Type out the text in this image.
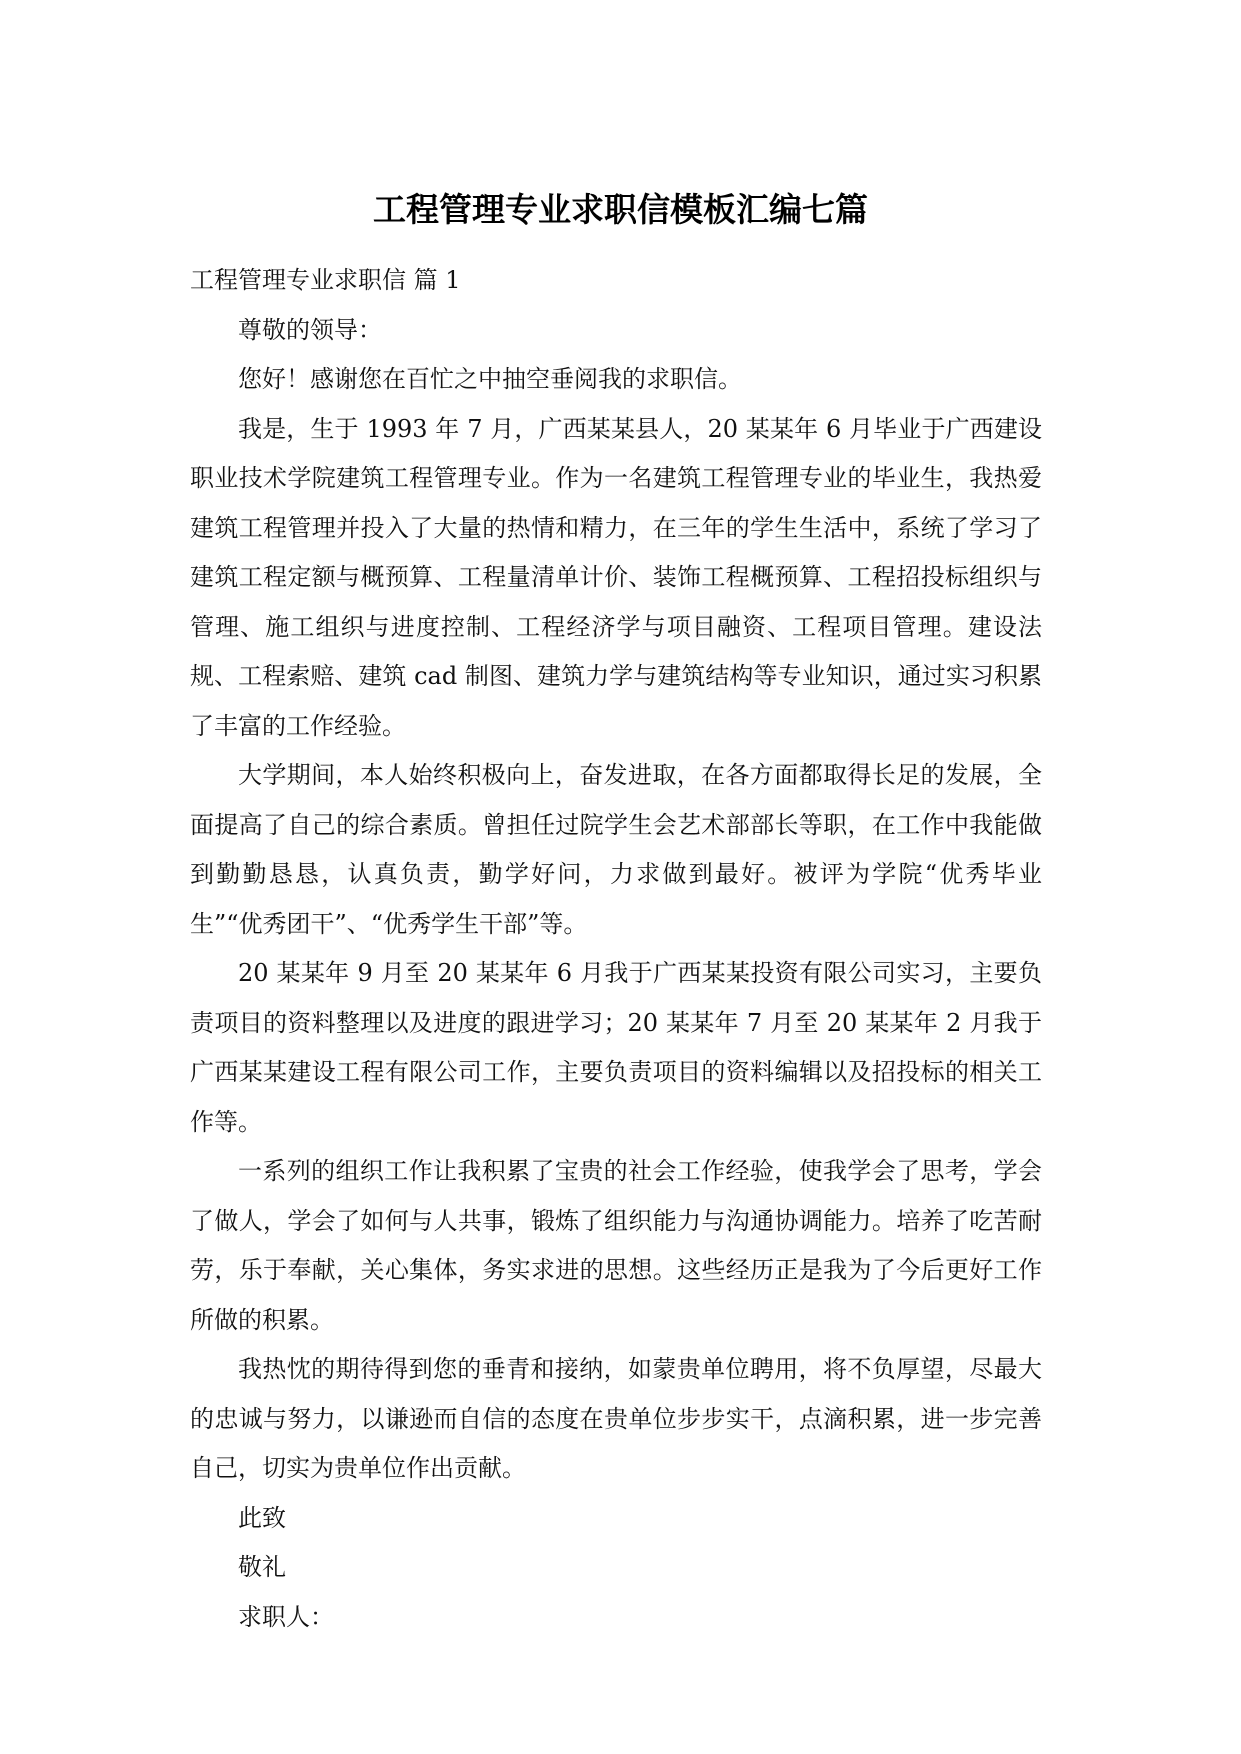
工程管理专业求职信模板汇编七篇

工程管理专业求职信 篇 1

尊敬的领导：

您好！感谢您在百忙之中抽空垂阅我的求职信。

我是，生于 1993 年 7 月，广西某某县人，20 某某年 6 月毕业于广西建设职业技术学院建筑工程管理专业。作为一名建筑工程管理专业的毕业生，我热爱建筑工程管理并投入了大量的热情和精力，在三年的学生生活中，系统了学习了建筑工程定额与概预算、工程量清单计价、装饰工程概预算、工程招投标组织与管理、施工组织与进度控制、工程经济学与项目融资、工程项目管理。建设法规、工程索赔、建筑 cad 制图、建筑力学与建筑结构等专业知识，通过实习积累了丰富的工作经验。

大学期间，本人始终积极向上，奋发进取，在各方面都取得长足的发展，全面提高了自己的综合素质。曾担任过院学生会艺术部部长等职，在工作中我能做到勤勤恳恳，认真负责，勤学好问，力求做到最好。被评为学院“优秀毕业生”“优秀团干”、“优秀学生干部”等。

20 某某年 9 月至 20 某某年 6 月我于广西某某投资有限公司实习，主要负责项目的资料整理以及进度的跟进学习；20 某某年 7 月至 20 某某年 2 月我于广西某某建设工程有限公司工作，主要负责项目的资料编辑以及招投标的相关工作等。

一系列的组织工作让我积累了宝贵的社会工作经验，使我学会了思考，学会了做人，学会了如何与人共事，锻炼了组织能力与沟通协调能力。培养了吃苦耐劳，乐于奉献，关心集体，务实求进的思想。这些经历正是我为了今后更好工作所做的积累。

我热忱的期待得到您的垂青和接纳，如蒙贵单位聘用，将不负厚望，尽最大的忠诚与努力，以谦逊而自信的态度在贵单位步步实干，点滴积累，进一步完善自己，切实为贵单位作出贡献。

此致

敬礼

求职人：
